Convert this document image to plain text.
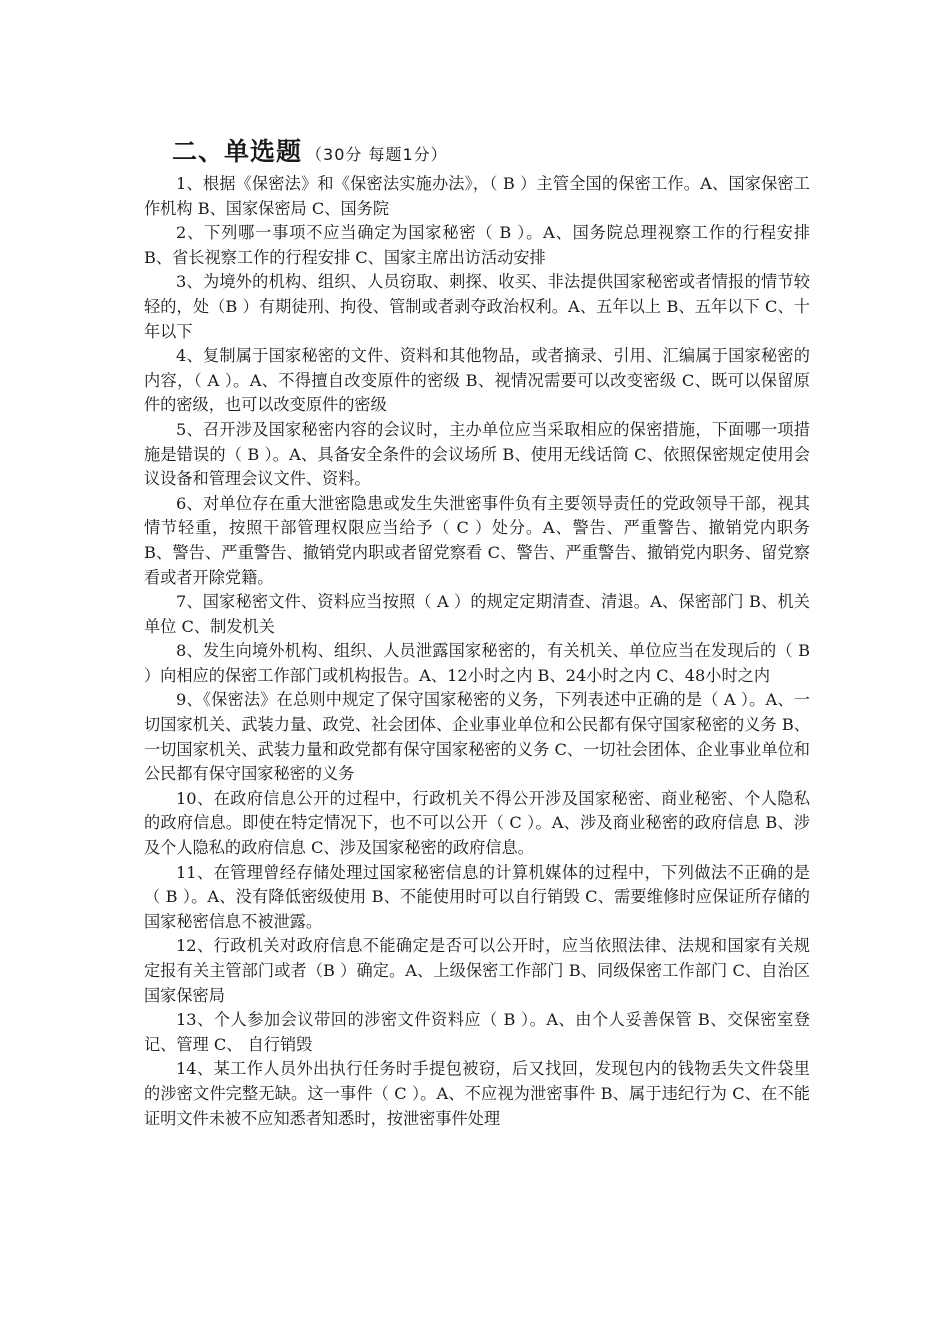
二、单选题 （30分 每题1分）

1、根据《保密法》和《保密法实施办法》，（ B ）主管全国的保密工作。A、国家保密工作机构 B、国家保密局 C、国务院

2、下列哪一事项不应当确定为国家秘密（ B ）。A、国务院总理视察工作的行程安排 B、省长视察工作的行程安排 C、国家主席出访活动安排

3、为境外的机构、组织、人员窃取、刺探、收买、非法提供国家秘密或者情报的情节较轻的，处（B ）有期徒刑、拘役、管制或者剥夺政治权利。A、五年以上 B、五年以下 C、十年以下

4、复制属于国家秘密的文件、资料和其他物品，或者摘录、引用、汇编属于国家秘密的内容，（ A ）。A、不得擅自改变原件的密级 B、视情况需要可以改变密级 C、既可以保留原件的密级，也可以改变原件的密级

5、召开涉及国家秘密内容的会议时，主办单位应当采取相应的保密措施，下面哪一项措施是错误的（ B ）。A、具备安全条件的会议场所 B、使用无线话筒 C、依照保密规定使用会议设备和管理会议文件、资料。

6、对单位存在重大泄密隐患或发生失泄密事件负有主要领导责任的党政领导干部，视其情节轻重，按照干部管理权限应当给予（ C ）处分。A、警告、严重警告、撤销党内职务 B、警告、严重警告、撤销党内职或者留党察看 C、警告、严重警告、撤销党内职务、留党察看或者开除党籍。

7、国家秘密文件、资料应当按照（ A ）的规定定期清查、清退。A、保密部门 B、机关单位 C、制发机关

8、发生向境外机构、组织、人员泄露国家秘密的，有关机关、单位应当在发现后的（ B ）向相应的保密工作部门或机构报告。A、12小时之内 B、24小时之内 C、48小时之内

9、《保密法》在总则中规定了保守国家秘密的义务，下列表述中正确的是（ A ）。A、一切国家机关、武装力量、政党、社会团体、企业事业单位和公民都有保守国家秘密的义务 B、一切国家机关、武装力量和政党都有保守国家秘密的义务 C、一切社会团体、企业事业单位和公民都有保守国家秘密的义务

10、在政府信息公开的过程中，行政机关不得公开涉及国家秘密、商业秘密、个人隐私的政府信息。即使在特定情况下，也不可以公开（ C ）。A、涉及商业秘密的政府信息 B、涉及个人隐私的政府信息 C、涉及国家秘密的政府信息。

11、在管理曾经存储处理过国家秘密信息的计算机媒体的过程中，下列做法不正确的是（ B ）。A、没有降低密级使用 B、不能使用时可以自行销毁 C、需要维修时应保证所存储的国家秘密信息不被泄露。

12、行政机关对政府信息不能确定是否可以公开时，应当依照法律、法规和国家有关规定报有关主管部门或者（B ）确定。A、上级保密工作部门 B、同级保密工作部门 C、自治区国家保密局

13、个人参加会议带回的涉密文件资料应（ B ）。A、由个人妥善保管 B、交保密室登记、管理 C、 自行销毁

14、某工作人员外出执行任务时手提包被窃，后又找回，发现包内的钱物丢失文件袋里的涉密文件完整无缺。这一事件（ C ）。A、不应视为泄密事件 B、属于违纪行为 C、在不能证明文件未被不应知悉者知悉时，按泄密事件处理
